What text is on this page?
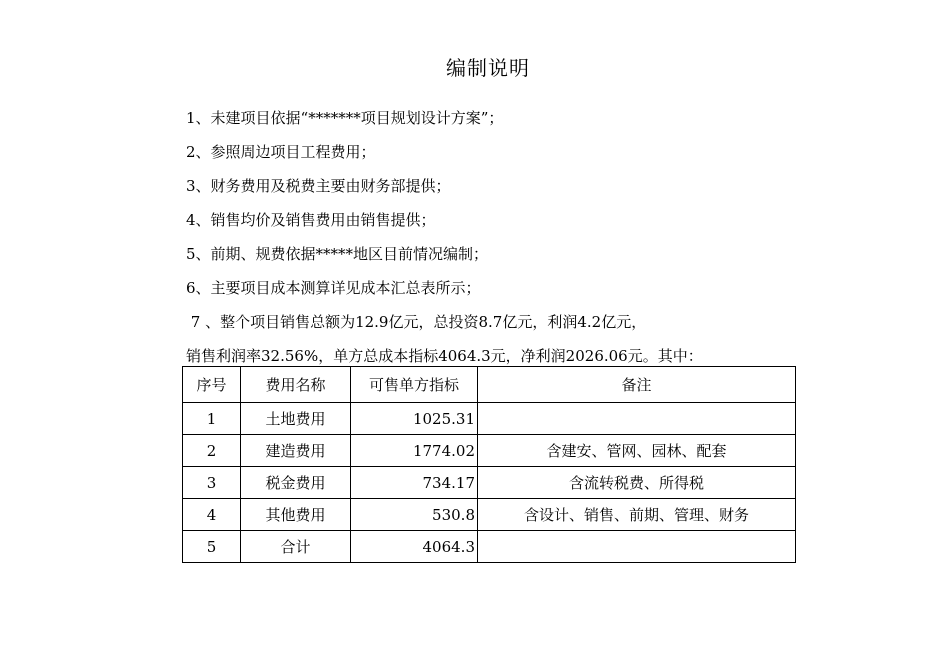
编制说明
1、未建项目依据“*******项目规划设计方案”；
2、参照周边项目工程费用；
3、财务费用及税费主要由财务部提供；
4、销售均价及销售费用由销售提供；
5、前期、规费依据*****地区目前情况编制；
6、主要项目成本测算详见成本汇总表所示；
7 、整个项目销售总额为12.9亿元，总投资8.7亿元，利润4.2亿元，
销售利润率32.56%，单方总成本指标4064.3元，净利润2026.06元。其中：
序号	费用名称	可售单方指标	备注
1	土地费用	1025.31	
2	建造费用	1774.02	含建安、管网、园林、配套
3	税金费用	734.17	含流转税费、所得税
4	其他费用	530.8	含设计、销售、前期、管理、财务
5	合计	4064.3	
